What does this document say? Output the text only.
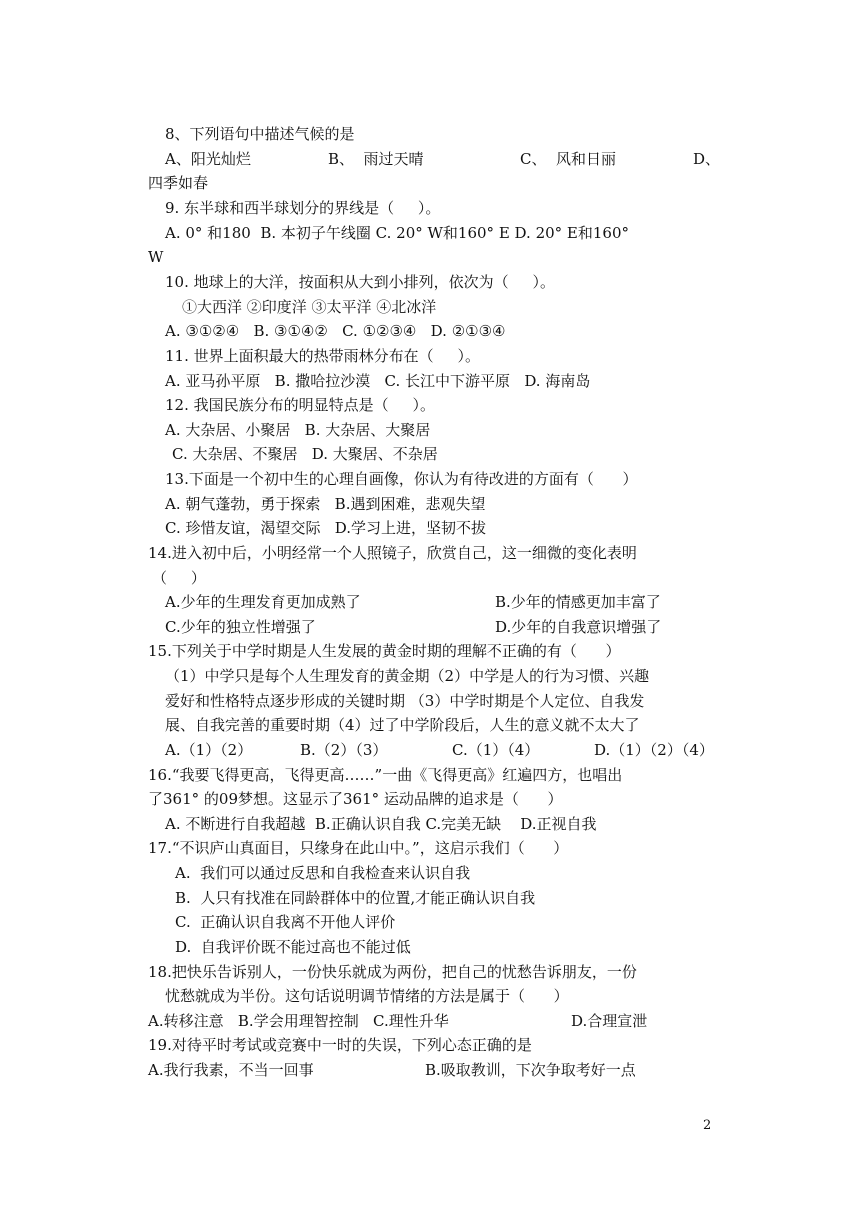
8、下列语句中描述气候的是
A、阳光灿烂	B、  雨过天晴	C、  风和日丽	D、
四季如春
9. 东半球和西半球划分的界线是（     ）。
A. 0° 和180  B. 本初子午线圈 C. 20° W和160° E D. 20° E和160°
W
10. 地球上的大洋，按面积从大到小排列，依次为（     ）。
①大西洋 ②印度洋 ③太平洋 ④北冰洋
A. ③①②④   B. ③①④②   C. ①②③④   D. ②①③④
11. 世界上面积最大的热带雨林分布在（     ）。
A. 亚马孙平原   B. 撒哈拉沙漠   C. 长江中下游平原   D. 海南岛
12. 我国民族分布的明显特点是（     ）。
A. 大杂居、小聚居   B. 大杂居、大聚居
C. 大杂居、不聚居   D. 大聚居、不杂居
13.下面是一个初中生的心理自画像，你认为有待改进的方面有（      ）
A. 朝气蓬勃，勇于探索   B.遇到困难，悲观失望
C. 珍惜友谊，渴望交际   D.学习上进，坚韧不拔
14.进入初中后，小明经常一个人照镜子，欣赏自己，这一细微的变化表明
（     ）
A.少年的生理发育更加成熟了	B.少年的情感更加丰富了
C.少年的独立性增强了	D.少年的自我意识增强了
15.下列关于中学时期是人生发展的黄金时期的理解不正确的有（      ）
（1）中学只是每个人生理发育的黄金期（2）中学是人的行为习惯、兴趣
爱好和性格特点逐步形成的关键时期 （3）中学时期是个人定位、自我发
展、自我完善的重要时期（4）过了中学阶段后，人生的意义就不太大了
A.（1）（2）	B.（2）（3）	C.（1）（4）	D.（1）（2）（4）
16.“我要飞得更高，飞得更高……”一曲《飞得更高》红遍四方，也唱出
了361° 的09梦想。这显示了361° 运动品牌的追求是（      ）
A. 不断进行自我超越  B.正确认识自我 C.完美无缺    D.正视自我
17.“不识庐山真面目，只缘身在此山中。”，这启示我们（      ）
A.  我们可以通过反思和自我检查来认识自我
B.  人只有找准在同龄群体中的位置,才能正确认识自我
C.  正确认识自我离不开他人评价
D.  自我评价既不能过高也不能过低
18.把快乐告诉别人，一份快乐就成为两份，把自己的忧愁告诉朋友，一份
忧愁就成为半份。这句话说明调节情绪的方法是属于（      ）
A.转移注意   B.学会用理智控制   C.理性升华	D.合理宣泄
19.对待平时考试或竞赛中一时的失误，下列心态正确的是
A.我行我素，不当一回事	B.吸取教训，下次争取考好一点
2
